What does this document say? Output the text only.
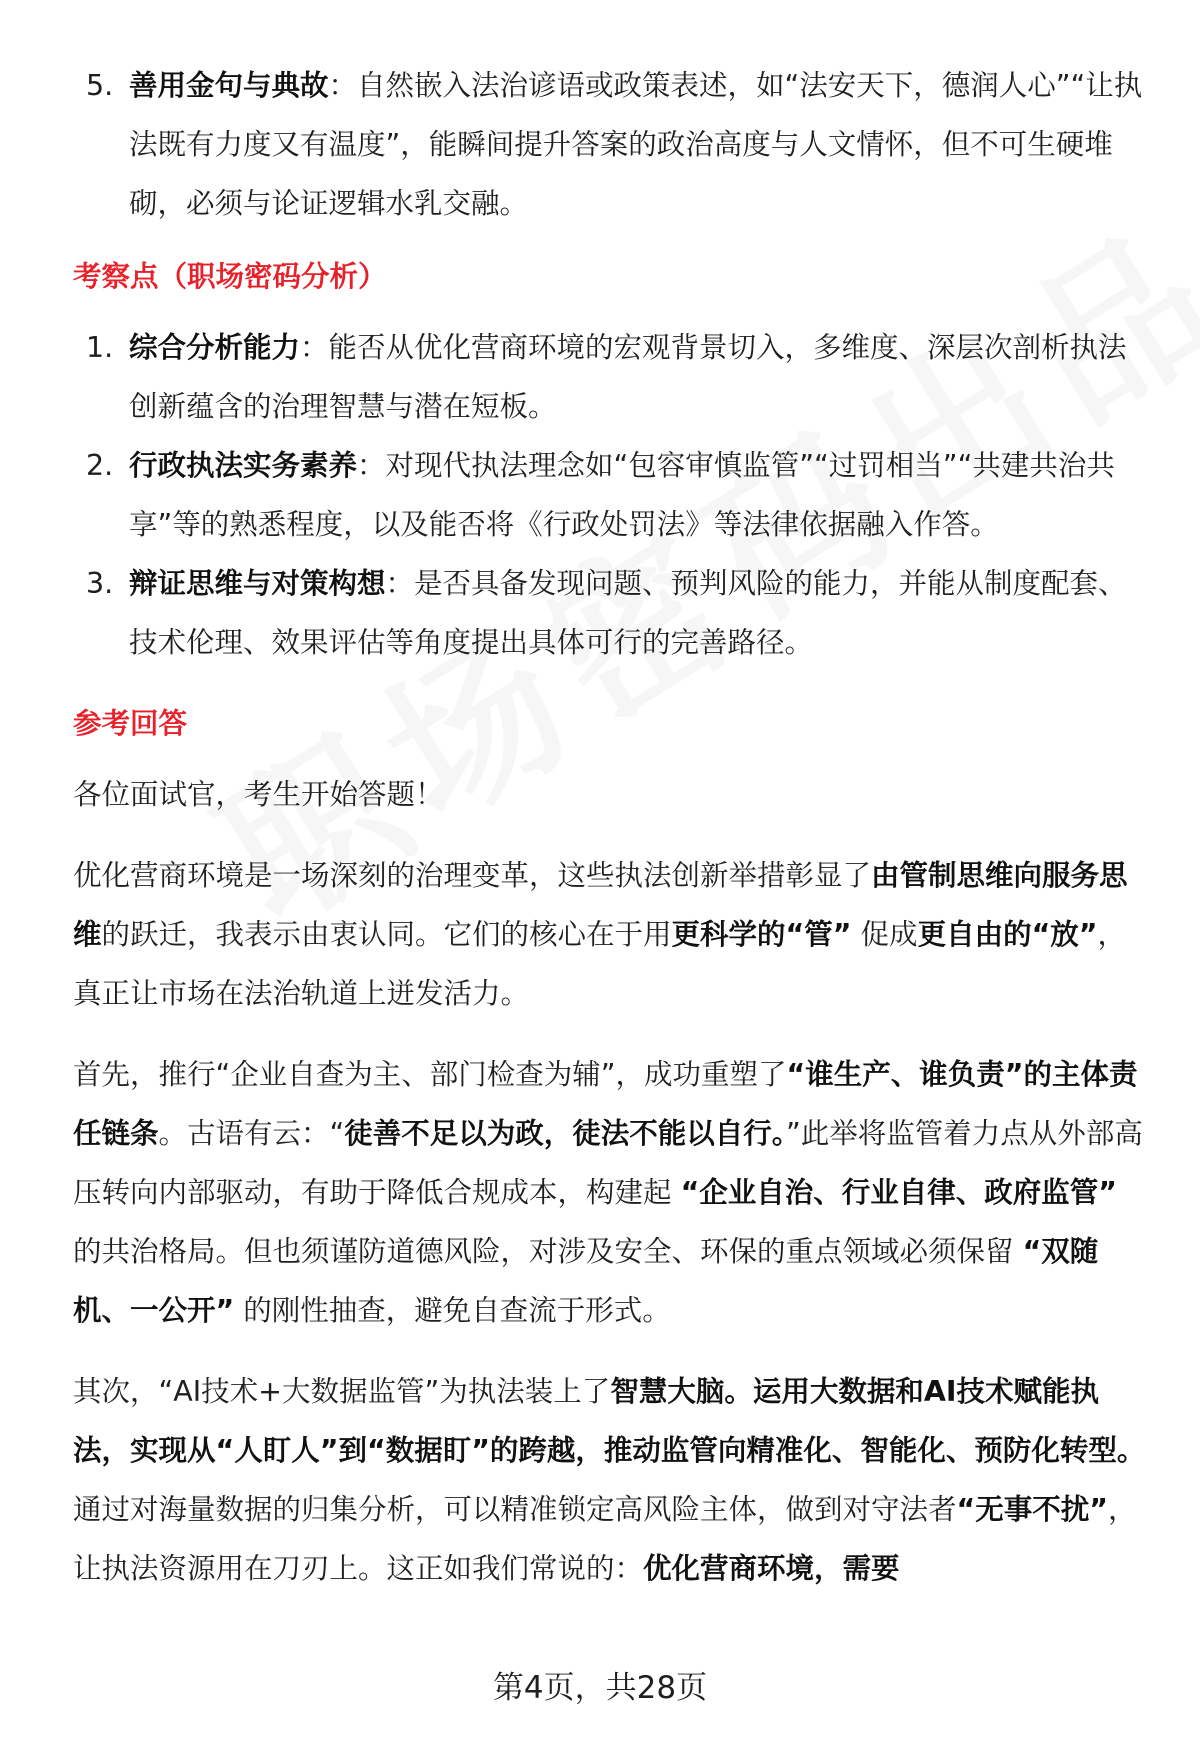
5. 善用金句与典故：自然嵌入法治谚语或政策表述，如“法安天下，德润人心”“让执法既有力度又有温度”，能瞬间提升答案的政治高度与人文情怀，但不可生硬堆砌，必须与论证逻辑水乳交融。
考察点（职场密码分析）
1. 综合分析能力：能否从优化营商环境的宏观背景切入，多维度、深层次剖析执法创新蕴含的治理智慧与潜在短板。
2. 行政执法实务素养：对现代执法理念如“包容审慎监管”“过罚相当”“共建共治共享”等的熟悉程度，以及能否将《行政处罚法》等法律依据融入作答。
3. 辩证思维与对策构想：是否具备发现问题、预判风险的能力，并能从制度配套、技术伦理、效果评估等角度提出具体可行的完善路径。
参考回答

各位面试官，考生开始答题！

优化营商环境是一场深刻的治理变革，这些执法创新举措彰显了由管制思维向服务思维的跃迁，我表示由衷认同。它们的核心在于用更科学的“管” 促成更自由的“放”，真正让市场在法治轨道上迸发活力。

首先，推行“企业自查为主、部门检查为辅”，成功重塑了“谁生产、谁负责”的主体责任链条。古语有云：“徒善不足以为政，徒法不能以自行。”此举将监管着力点从外部高压转向内部驱动，有助于降低合规成本，构建起 “企业自治、行业自律、政府监管” 的共治格局。但也须谨防道德风险，对涉及安全、环保的重点领域必须保留 “双随机、一公开” 的刚性抽查，避免自查流于形式。

其次，“AI技术+大数据监管”为执法装上了智慧大脑。运用大数据和AI技术赋能执法，实现从“人盯人”到“数据盯”的跨越，推动监管向精准化、智能化、预防化转型。通过对海量数据的归集分析，可以精准锁定高风险主体，做到对守法者“无事不扰”，让执法资源用在刀刃上。这正如我们常说的：优化营商环境，需要

第4页，共28页
